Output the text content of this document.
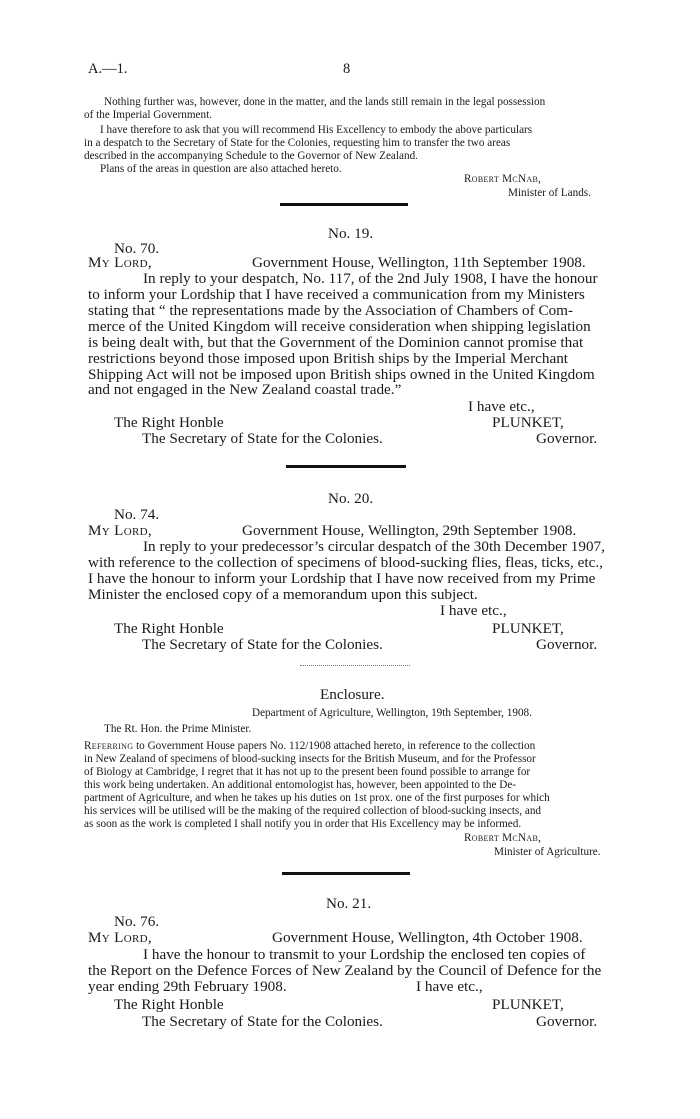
A.—1.	8
Nothing further was, however, done in the matter, and the lands still remain in the legal possession
of the Imperial Government.
I have therefore to ask that you will recommend His Excellency to embody the above particulars
in a despatch to the Secretary of State for the Colonies, requesting him to transfer the two areas
described in the accompanying Schedule to the Governor of New Zealand.
Plans of the areas in question are also attached hereto.
Robert McNab,
Minister of Lands.
No. 19.
No. 70.
My Lord,	Government House, Wellington, 11th September 1908.
In reply to your despatch, No. 117, of the 2nd July 1908, I have the honour
to inform your Lordship that I have received a communication from my Ministers
stating that “ the representations made by the Association of Chambers of Com-
merce of the United Kingdom will receive consideration when shipping legislation
is being dealt with, but that the Government of the Dominion cannot promise that
restrictions beyond those imposed upon British ships by the Imperial Merchant
Shipping Act will not be imposed upon British ships owned in the United Kingdom
and not engaged in the New Zealand coastal trade.”
I have etc.,
The Right Honble	PLUNKET,
The Secretary of State for the Colonies.	Governor.
No. 20.
No. 74.
My Lord,	Government House, Wellington, 29th September 1908.
In reply to your predecessor’s circular despatch of the 30th December 1907,
with reference to the collection of specimens of blood-sucking flies, fleas, ticks, etc.,
I have the honour to inform your Lordship that I have now received from my Prime
Minister the enclosed copy of a memorandum upon this subject.
I have etc.,
The Right Honble	PLUNKET,
The Secretary of State for the Colonies.	Governor.
Enclosure.
Department of Agriculture, Wellington, 19th September, 1908.
The Rt. Hon. the Prime Minister.
Referring to Government House papers No. 112/1908 attached hereto, in reference to the collection
in New Zealand of specimens of blood-sucking insects for the British Museum, and for the Professor
of Biology at Cambridge, I regret that it has not up to the present been found possible to arrange for
this work being undertaken. An additional entomologist has, however, been appointed to the De-
partment of Agriculture, and when he takes up his duties on 1st prox. one of the first purposes for which
his services will be utilised will be the making of the required collection of blood-sucking insects, and
as soon as the work is completed I shall notify you in order that His Excellency may be informed.
Robert McNab,
Minister of Agriculture.
No. 21.
No. 76.
My Lord,	Government House, Wellington, 4th October 1908.
I have the honour to transmit to your Lordship the enclosed ten copies of
the Report on the Defence Forces of New Zealand by the Council of Defence for the
year ending 29th February 1908.	I have etc.,
The Right Honble	PLUNKET,
The Secretary of State for the Colonies.	Governor.
